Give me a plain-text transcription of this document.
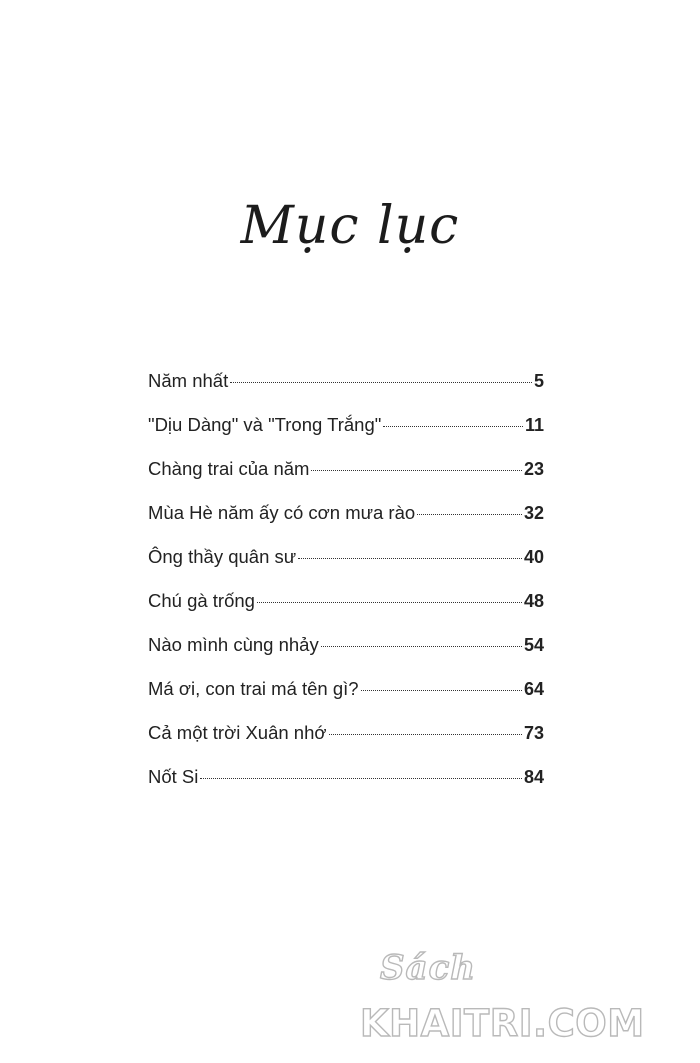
Mục lục
Năm nhất	5
"Dịu Dàng" và "Trong Trắng"	11
Chàng trai của năm	23
Mùa Hè năm ấy có cơn mưa rào	32
Ông thầy quân sư	40
Chú gà trống	48
Nào mình cùng nhảy	54
Má ơi, con trai má tên gì?	64
Cả một trời Xuân nhớ	73
Nốt Si	84
Sách
KHAITRI.COM
